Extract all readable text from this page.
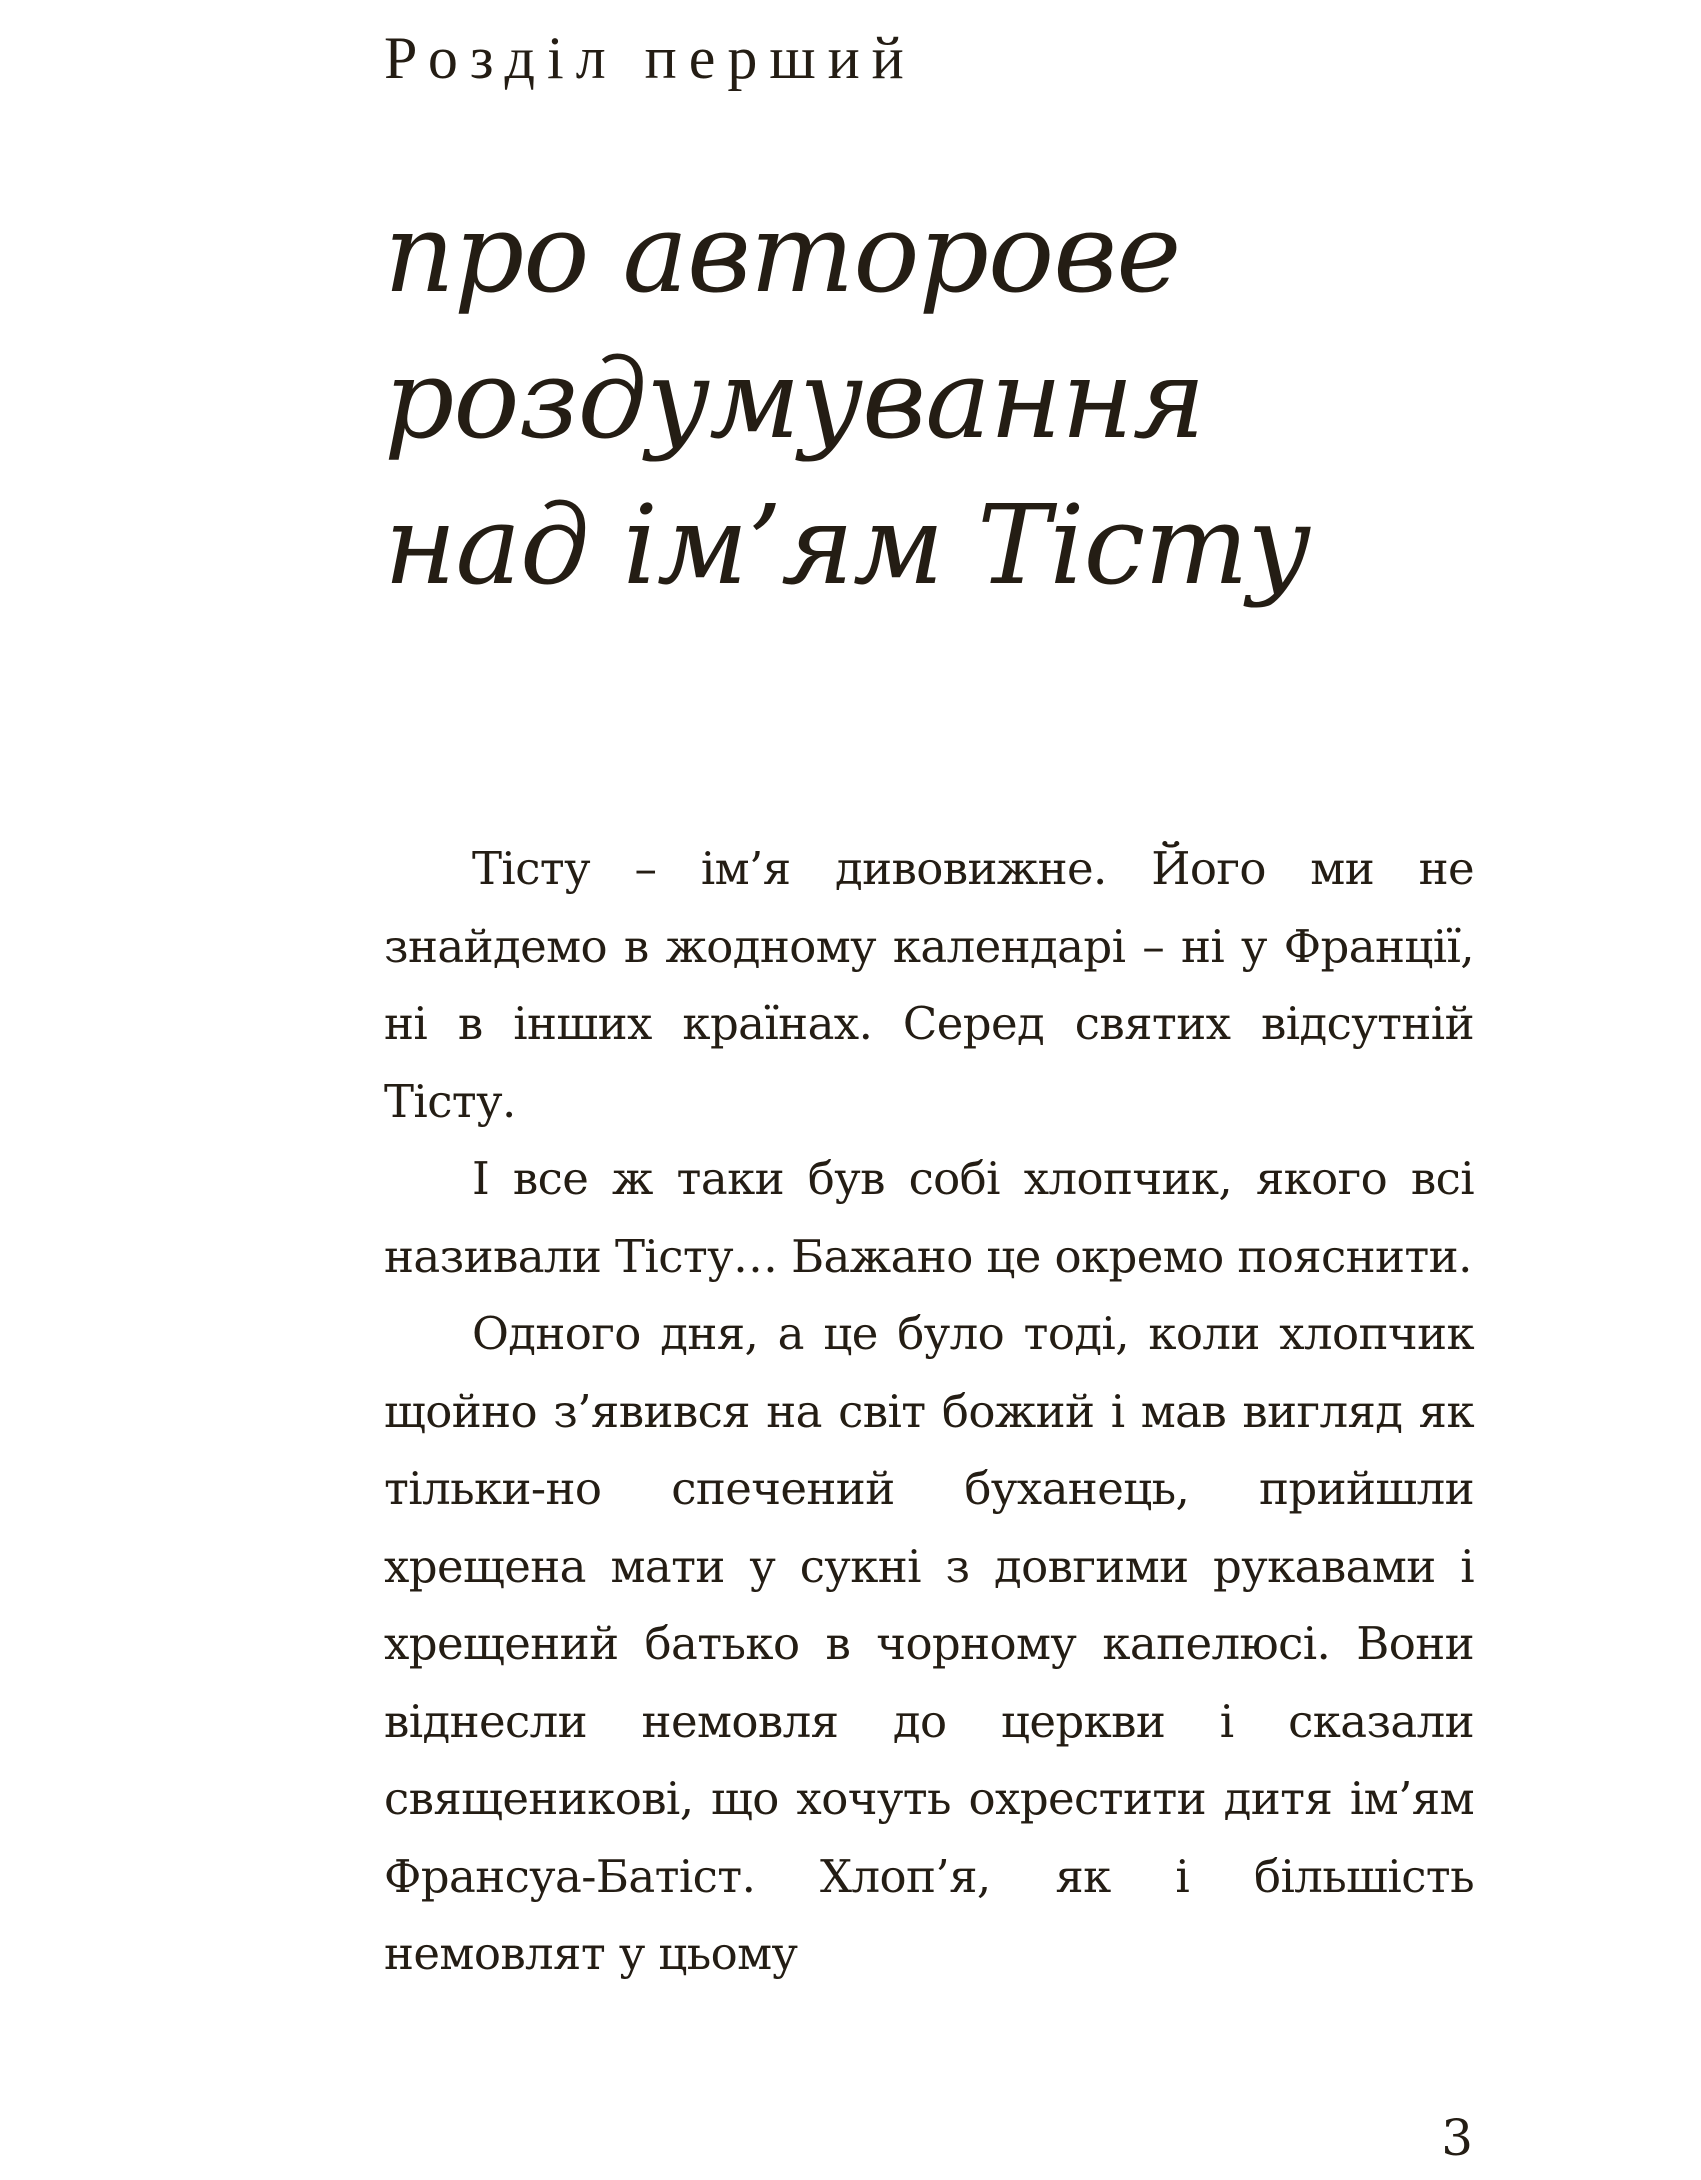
Розділ перший
про авторове
роздумування
над ім’ям Тісту

Тісту – ім’я дивовижне. Його ми не знайдемо в жодному календарі – ні у Франції, ні в інших країнах. Серед святих відсутній Тісту.

І все ж таки був собі хлопчик, якого всі називали Тісту… Бажано це окремо пояснити.

Одного дня, а це було тоді, коли хлопчик щойно з’явився на світ божий і мав вигляд як тільки-но спечений буханець, прийшли хрещена мати у сукні з довгими рукавами і хрещений батько в чорному капелюсі. Вони віднесли немовля до церкви і сказали священикові, що хочуть охрестити дитя ім’ям Франсуа-Батіст. Хлоп’я, як і більшість немовлят у цьому

3
